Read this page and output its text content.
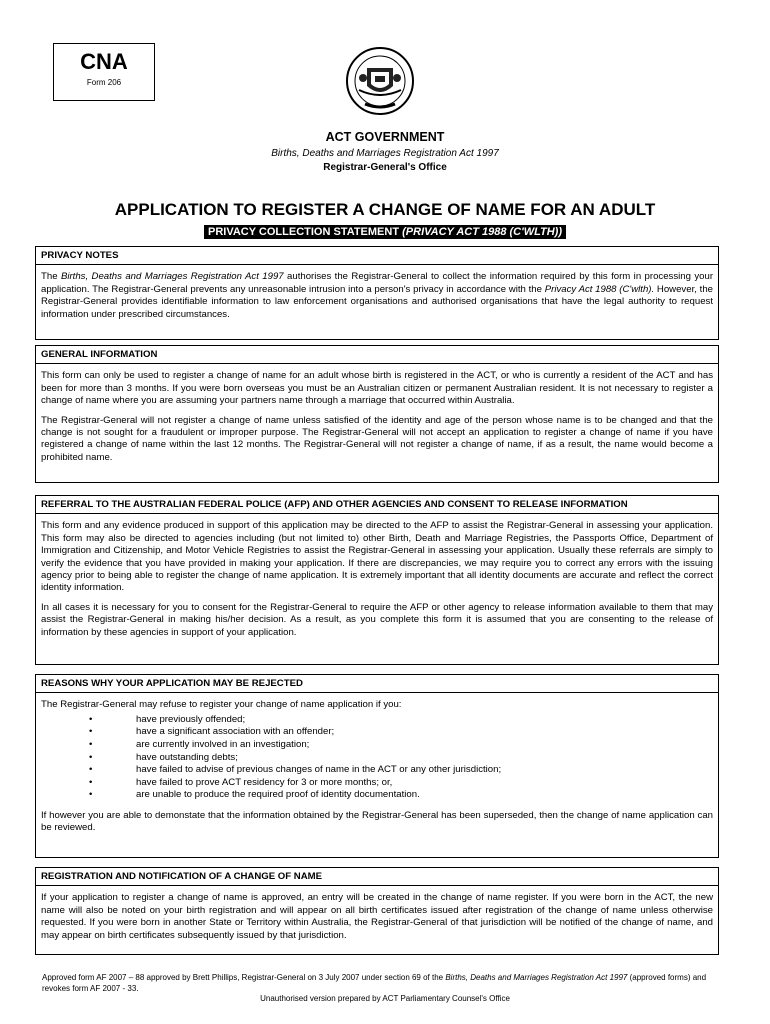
CNA
Form 206
ACT GOVERNMENT
Births, Deaths and Marriages Registration Act 1997
Registrar-General's Office
APPLICATION TO REGISTER A CHANGE OF NAME FOR AN ADULT
PRIVACY COLLECTION STATEMENT (PRIVACY ACT 1988 (C'WLTH))
PRIVACY NOTES

The Births, Deaths and Marriages Registration Act 1997 authorises the Registrar-General to collect the information required by this form in processing your application. The Registrar-General prevents any unreasonable intrusion into a person's privacy in accordance with the Privacy Act 1988 (C'wlth). However, the Registrar-General provides identifiable information to law enforcement organisations and authorised organisations that have the legal authority to request information under prescribed circumstances.

GENERAL INFORMATION

This form can only be used to register a change of name for an adult whose birth is registered in the ACT, or who is currently a resident of the ACT and has been for more than 3 months. If you were born overseas you must be an Australian citizen or permanent Australian resident. It is not necessary to register a change of name where you are assuming your partners name through a marriage that occurred within Australia.

The Registrar-General will not register a change of name unless satisfied of the identity and age of the person whose name is to be changed and that the change is not sought for a fraudulent or improper purpose. The Registrar-General will not accept an application to register a change of name if you have registered a change of name within the last 12 months. The Registrar-General will not register a change of name, if as a result, the name would become a prohibited name.

REFERRAL TO THE AUSTRALIAN FEDERAL POLICE (AFP) AND OTHER AGENCIES AND CONSENT TO RELEASE INFORMATION

This form and any evidence produced in support of this application may be directed to the AFP to assist the Registrar-General in assessing your application. This form may also be directed to agencies including (but not limited to) other Birth, Death and Marriage Registries, the Passports Office, Department of Immigration and Citizenship, and Motor Vehicle Registries to assist the Registrar-General in assessing your application. Usually these referrals are simply to verify the evidence that you have provided in making your application. If there are discrepancies, we may require you to correct any errors with the issuing agency prior to being able to register the change of name application. It is extremely important that all identity documents are accurate and reflect the correct identity information.

In all cases it is necessary for you to consent for the Registrar-General to require the AFP or other agency to release information available to them that may assist the Registrar-General in making his/her decision. As a result, as you complete this form it is assumed that you are consenting to the release of information by these agencies in support of your application.

REASONS WHY YOUR APPLICATION MAY BE REJECTED

The Registrar-General may refuse to register your change of name application if you:

• have previously offended;
• have a significant association with an offender;
• are currently involved in an investigation;
• have outstanding debts;
• have failed to advise of previous changes of name in the ACT or any other jurisdiction;
• have failed to prove ACT residency for 3 or more months; or,
• are unable to produce the required proof of identity documentation.

If however you are able to demonstate that the information obtained by the Registrar-General has been superseded, then the change of name application can be reviewed.

REGISTRATION AND NOTIFICATION OF A CHANGE OF NAME

If your application to register a change of name is approved, an entry will be created in the change of name register. If you were born in the ACT, the new name will also be noted on your birth registration and will appear on all birth certificates issued after registration of the change of name unless otherwise requested. If you were born in another State or Territory within Australia, the Registrar-General of that jurisdiction will be notified of the change of name, and may appear on birth certificates subsequently issued by that jurisdiction.

Approved form AF 2007 – 88 approved by Brett Phillips, Registrar-General on 3 July 2007 under section 69 of the Births, Deaths and Marriages Registration Act 1997 (approved forms) and revokes form AF 2007 - 33.
Unauthorised version prepared by ACT Parliamentary Counsel's Office
